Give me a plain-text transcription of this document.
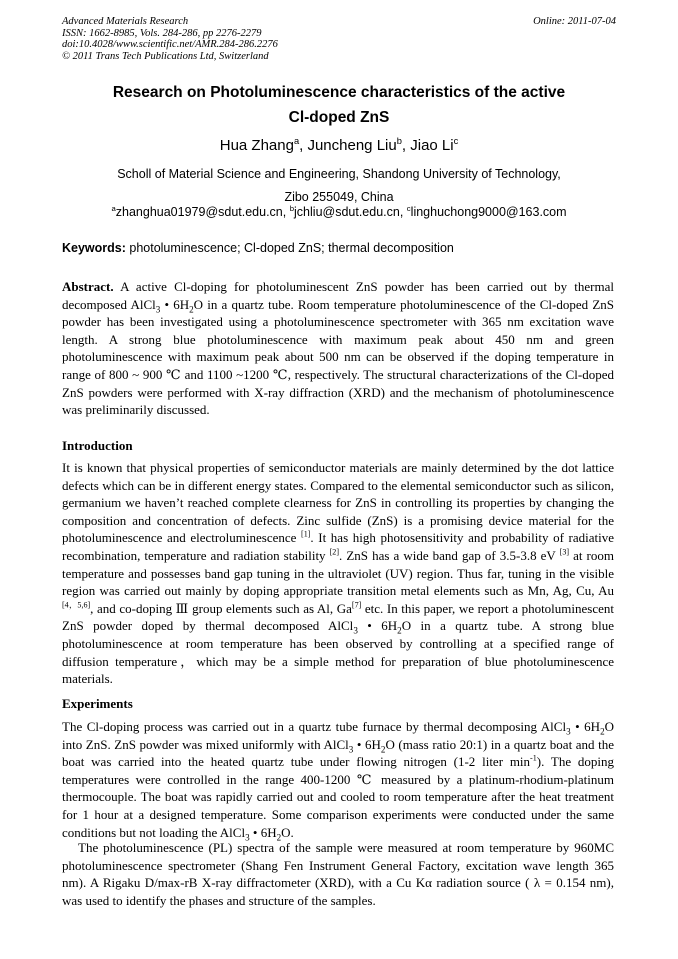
Advanced Materials Research
ISSN: 1662-8985, Vols. 284-286, pp 2276-2279
doi:10.4028/www.scientific.net/AMR.284-286.2276
© 2011 Trans Tech Publications Ltd, Switzerland
Online: 2011-07-04
Research on Photoluminescence characteristics of the active
Cl-doped ZnS
Hua Zhang$^a$, Juncheng Liu$^b$, Jiao Li$^c$
Scholl of Material Science and Engineering, Shandong University of Technology,
Zibo 255049, China
$^a$zhanghua01979@sdut.edu.cn, $^b$jchliu@sdut.edu.cn, $^c$linghuchong9000@163.com
Keywords: photoluminescence; Cl-doped ZnS; thermal decomposition

Abstract. A active Cl-doping for photoluminescent ZnS powder has been carried out by thermal decomposed AlCl$_3$ • $6H_2O$ in a quartz tube. Room temperature photoluminescence of the Cl-doped ZnS powder has been investigated using a photoluminescence spectrometer with 365 nm excitation wave length. A strong blue photoluminescence with maximum peak about 450 nm and green photoluminescence with maximum peak about 500 nm can be observed if the doping temperature in range of 800 ~ 900 ℃ and 1100 ~1200 ℃, respectively. The structural characterizations of the Cl-doped ZnS powders were performed with X-ray diffraction (XRD) and the mechanism of photoluminescence was preliminarily discussed.

Introduction

It is known that physical properties of semiconductor materials are mainly determined by the dot lattice defects which can be in different energy states. Compared to the elemental semiconductor such as silicon, germanium we haven’t reached complete clearness for ZnS in controlling its properties by changing the composition and concentration of defects. Zinc sulfide (ZnS) is a promising device material for the photoluminescence and electroluminescence [1]. It has high photosensitivity and probability of radiative recombination, temperature and radiation stability [2]. ZnS has a wide band gap of 3.5-3.8 eV [3] at room temperature and possesses band gap tuning in the ultraviolet (UV) region. Thus far, tuning in the visible region was carried out mainly by doping appropriate transition metal elements such as Mn, Ag, Cu, Au [4，5,6], and co-doping Ⅲ group elements such as Al, Ga[7] etc. In this paper, we report a photoluminescent ZnS powder doped by thermal decomposed AlCl$_3$ • $6H_2O$ in a quartz tube. A strong blue photoluminescence at room temperature has been observed by controlling at a specified range of diffusion temperature，which may be a simple method for preparation of blue photoluminescence materials.

Experiments

The Cl-doping process was carried out in a quartz tube furnace by thermal decomposing AlCl$_3$ • $6H_2O$ into ZnS. ZnS powder was mixed uniformly with AlCl$_3$ • $6H_2O$ (mass ratio 20:1) in a quartz boat and the boat was carried into the heated quartz tube under flowing nitrogen (1-2 liter $\min^{-1}$). The doping temperatures were controlled in the range 400-1200 ℃ measured by a platinum-rhodium-platinum thermocouple. The boat was rapidly carried out and cooled to room temperature after the heat treatment for 1 hour at a designed temperature. Some comparison experiments were conducted under the same conditions but not loading the AlCl$_3$ • $6H_2O$.

The photoluminescence (PL) spectra of the sample were measured at room temperature by 960MC photoluminescence spectrometer (Shang Fen Instrument General Factory, excitation wave length 365 nm). A Rigaku D/max-rB X-ray diffractometer (XRD), with a Cu Kα radiation source ( λ = 0.154 nm), was used to identify the phases and structure of the samples.
